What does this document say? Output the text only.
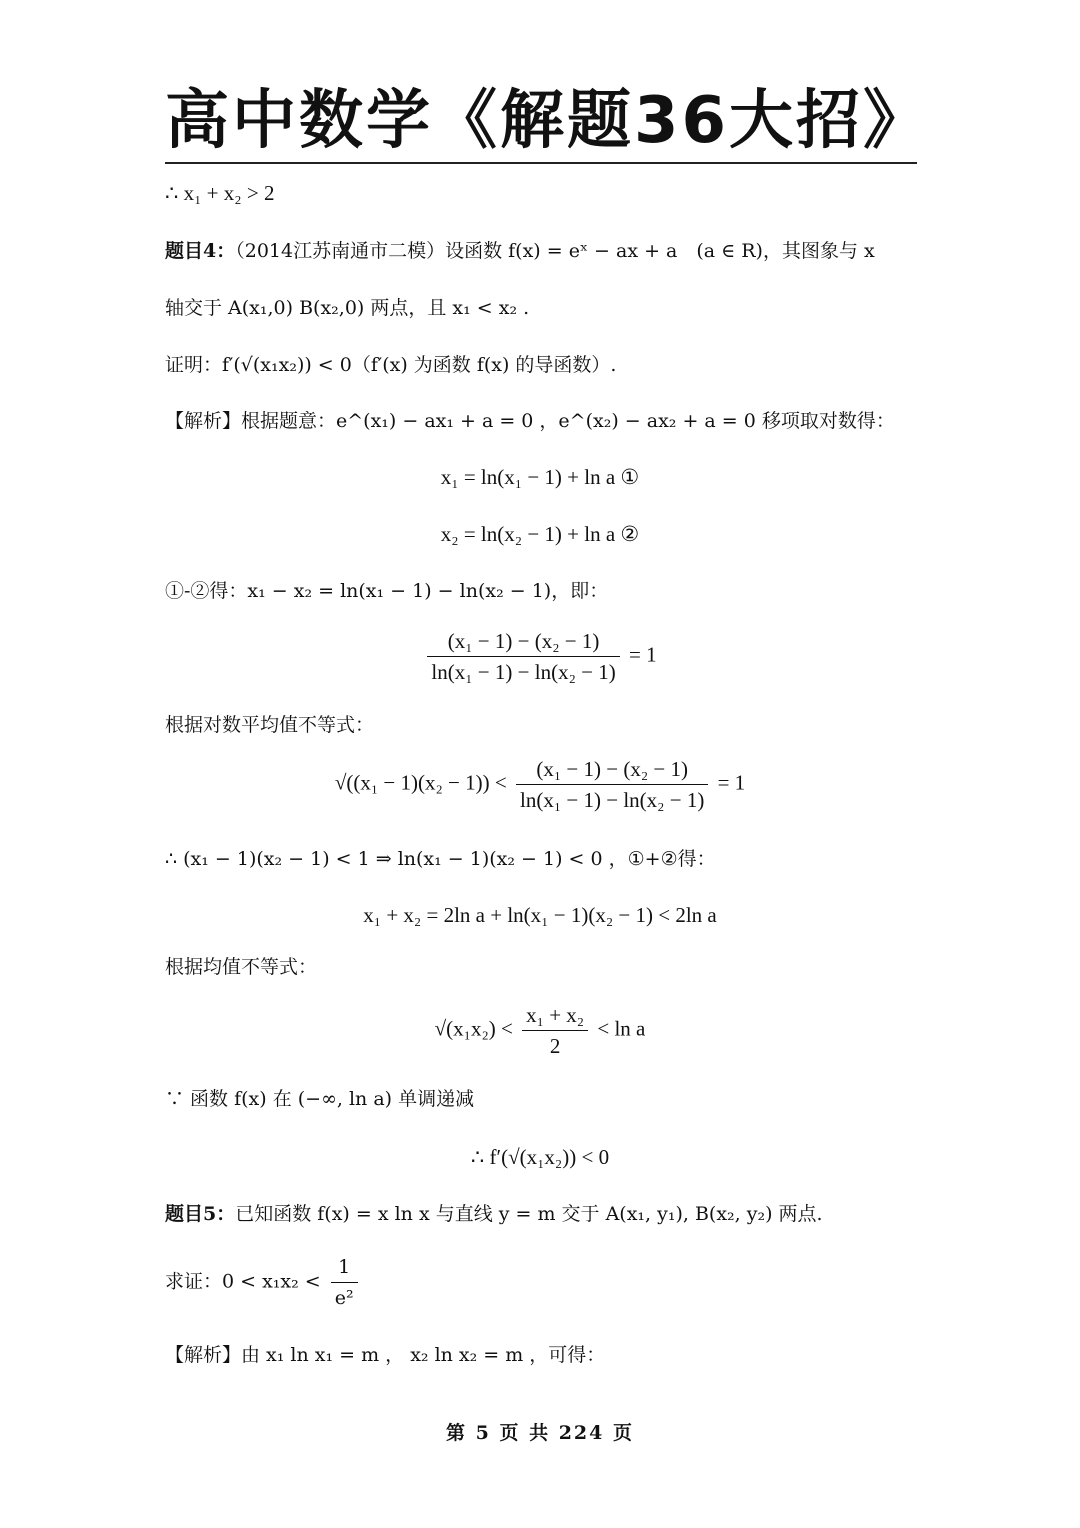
高中数学《解题36大招》
∴ x₁ + x₂ > 2
题目4：（2014江苏南通市二模）设函数 f(x) = eˣ − ax + a　(a ∈ R)，其图象与 x
轴交于 A(x₁,0) B(x₂,0) 两点，且 x₁ < x₂ .
证明：f′(√(x₁x₂)) < 0（f′(x) 为函数 f(x) 的导函数）.
【解析】根据题意：e^(x₁) − ax₁ + a = 0 ，e^(x₂) − ax₂ + a = 0 移项取对数得：
x₁ = ln(x₁ − 1) + ln a ①
x₂ = ln(x₂ − 1) + ln a ②
①-②得：x₁ − x₂ = ln(x₁ − 1) − ln(x₂ − 1)，即：
$\frac{\text{(x₁ − 1) − (x₂ − 1)}}{\text{ln(x₁ − 1) − ln(x₂ − 1)}} = 1$
根据对数平均值不等式：
$√((x_1 - 1)(x_2 - 1)) < \frac{\text{(x₁ − 1) − (x₂ − 1)}}{\text{ln(x₁ − 1) − ln(x₂ − 1)}} = 1$
∴ (x₁ − 1)(x₂ − 1) < 1 ⇒ ln(x₁ − 1)(x₂ − 1) < 0 ，①+②得：
x₁ + x₂ = 2ln a + ln(x₁ − 1)(x₂ − 1) < 2ln a
根据均值不等式：
$√(x_1x_2) < \frac{\text{x₁ + x₂}}{2} < \ln a$
∵ 函数 f(x) 在 (−∞, ln a) 单调递减
∴ f′(√(x₁x₂)) < 0
题目5：已知函数 f(x) = x ln x 与直线 y = m 交于 A(x₁, y₁), B(x₂, y₂) 两点.
求证：$0 < x_1x_2 < \frac{1}{\text{e²}}$
【解析】由 x₁ ln x₁ = m ， x₂ ln x₂ = m ，可得：
第 5 页 共 224 页
